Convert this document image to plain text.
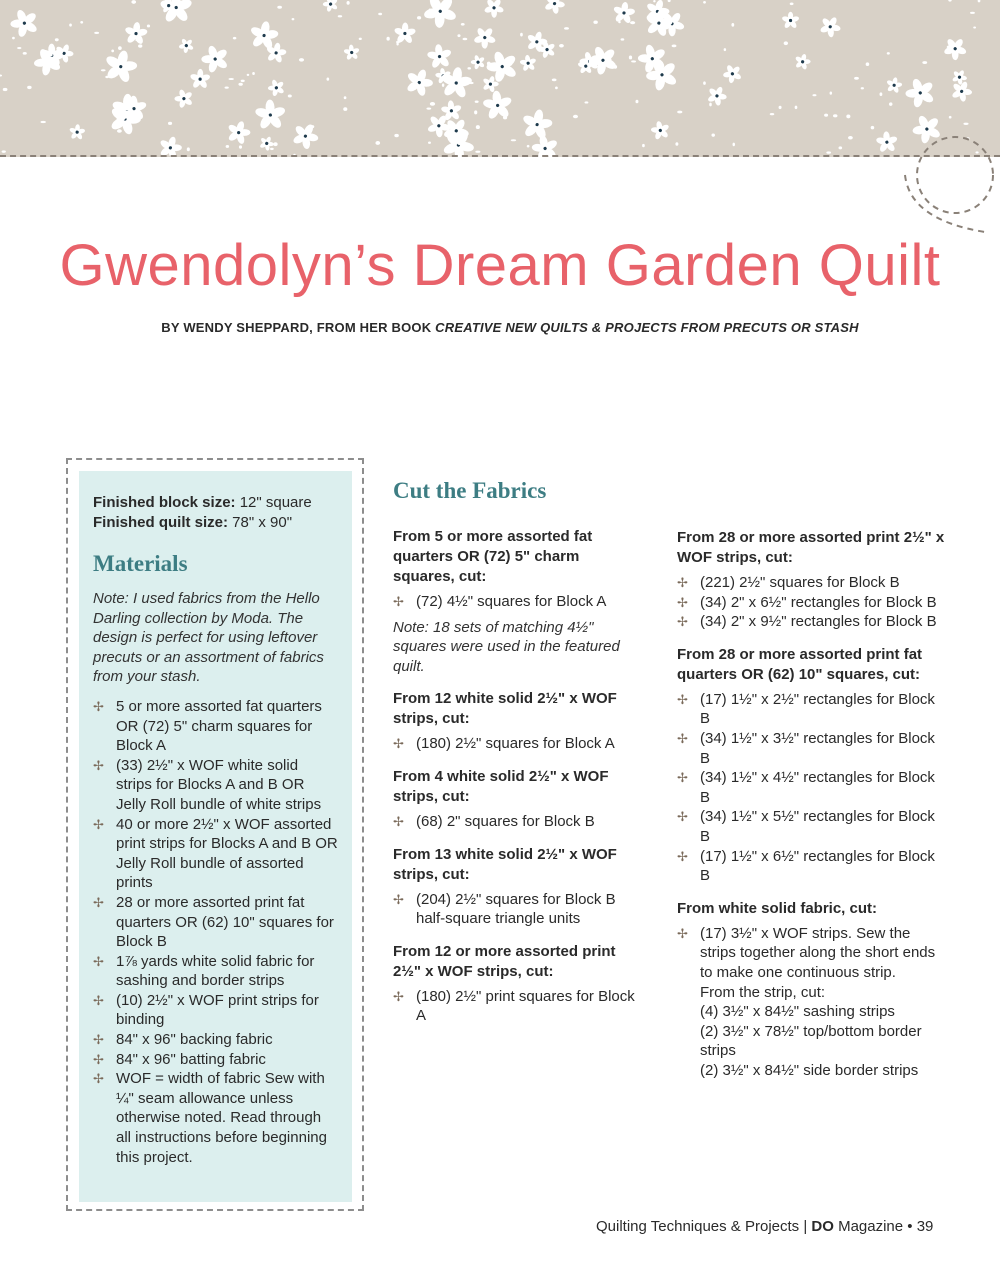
Gwendolyn’s Dream Garden Quilt
BY WENDY SHEPPARD, FROM HER BOOK CREATIVE NEW QUILTS & PROJECTS FROM PRECUTS OR STASH
Finished block size: 12" square
Finished quilt size: 78" x 90"
Materials

Note: I used fabrics from the Hello Darling collection by Moda. The design is perfect for using leftover precuts or an assortment of fabrics from your stash.

✢ 5 or more assorted fat quarters OR (72) 5" charm squares for Block A
✢ (33) 2½" x WOF white solid strips for Blocks A and B OR Jelly Roll bundle of white strips
✢ 40 or more 2½" x WOF assorted print strips for Blocks A and B OR Jelly Roll bundle of assorted prints
✢ 28 or more assorted print fat quarters OR (62) 10" squares for Block B
✢ 1⅞ yards white solid fabric for sashing and border strips
✢ (10) 2½" x WOF print strips for binding
✢ 84" x 96" backing fabric
✢ 84" x 96" batting fabric
✢ WOF = width of fabric Sew with ¼" seam allowance unless otherwise noted. Read through all instructions before beginning this project.
Cut the Fabrics
From 5 or more assorted fat quarters OR (72) 5" charm squares, cut:
✢ (72) 4½" squares for Block A

Note: 18 sets of matching 4½" squares were used in the featured quilt.

From 12 white solid 2½" x WOF strips, cut:
✢ (180) 2½" squares for Block A
From 4 white solid 2½" x WOF strips, cut:
✢ (68) 2" squares for Block B
From 13 white solid 2½" x WOF strips, cut:
✢ (204) 2½" squares for Block B half-square triangle units
From 12 or more assorted print 2½" x WOF strips, cut:
✢ (180) 2½" print squares for Block A
From 28 or more assorted print 2½" x WOF strips, cut:
✢ (221) 2½" squares for Block B
✢ (34) 2" x 6½" rectangles for Block B
✢ (34) 2" x 9½" rectangles for Block B
From 28 or more assorted print fat quarters OR (62) 10" squares, cut:
✢ (17) 1½" x 2½" rectangles for Block B
✢ (34) 1½" x 3½" rectangles for Block B
✢ (34) 1½" x 4½" rectangles for Block B
✢ (34) 1½" x 5½" rectangles for Block B
✢ (17) 1½" x 6½" rectangles for Block B
From white solid fabric, cut:
✢ (17) 3½" x WOF strips. Sew the strips together along the short ends to make one continuous strip.
From the strip, cut:
(4) 3½" x 84½" sashing strips
(2) 3½" x 78½" top/bottom border strips
(2) 3½" x 84½" side border strips
Quilting Techniques & Projects | DO Magazine • 39
